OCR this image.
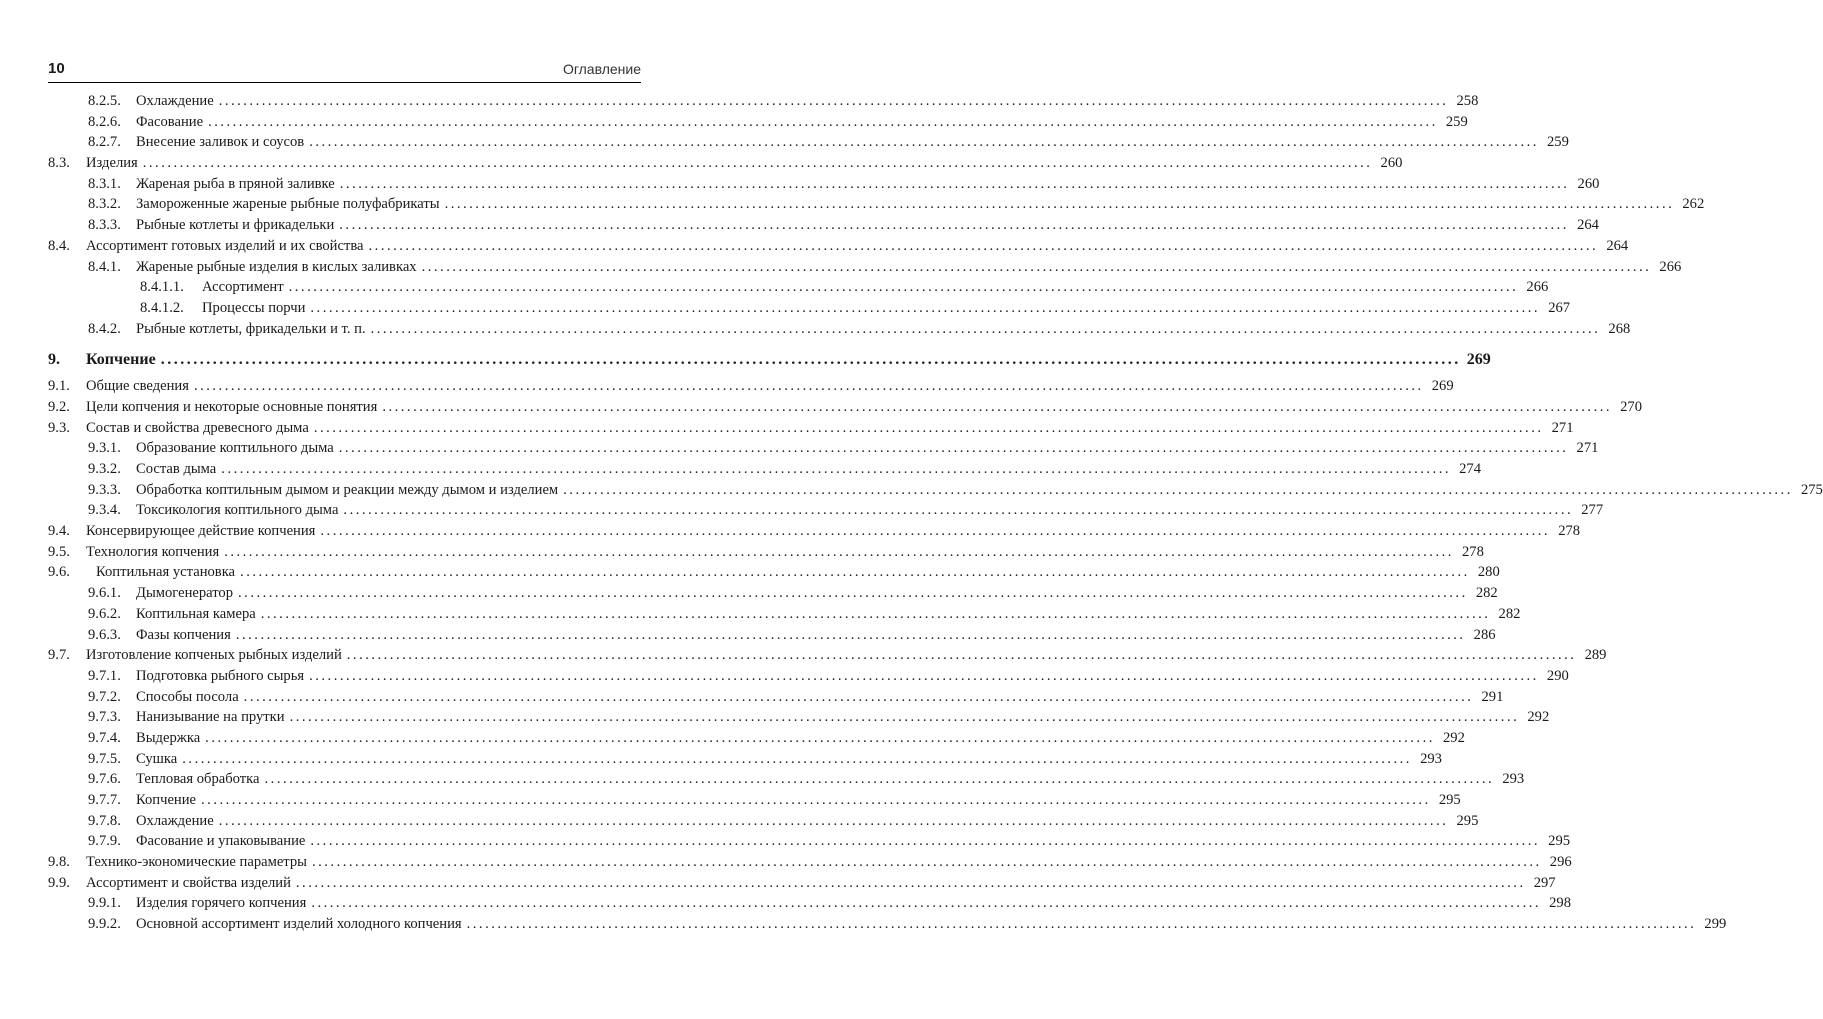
10	Оглавление
8.2.5. Охлаждение ........................................................................................................................................................................................................ 258
8.2.6. Фасование ........................................................................................................................................................................................................ 259
8.2.7. Внесение заливок и соусов ........................................................................................................................................................................................................ 259
8.3. Изделия ........................................................................................................................................................................................................ 260
8.3.1. Жареная рыба в пряной заливке ........................................................................................................................................................................................................ 260
8.3.2. Замороженные жареные рыбные полуфабрикаты ........................................................................................................................................................................................................ 262
8.3.3. Рыбные котлеты и фрикадельки ........................................................................................................................................................................................................ 264
8.4. Ассортимент готовых изделий и их свойства ........................................................................................................................................................................................................ 264
8.4.1. Жареные рыбные изделия в кислых заливках ........................................................................................................................................................................................................ 266
8.4.1.1. Ассортимент ........................................................................................................................................................................................................ 266
8.4.1.2. Процессы порчи ........................................................................................................................................................................................................ 267
8.4.2. Рыбные котлеты, фрикадельки и т. п. ........................................................................................................................................................................................................ 268
9. Копчение ........................................................................................................................................................................................................ 269
9.1. Общие сведения ........................................................................................................................................................................................................ 269
9.2. Цели копчения и некоторые основные понятия ........................................................................................................................................................................................................ 270
9.3. Состав и свойства древесного дыма ........................................................................................................................................................................................................ 271
9.3.1. Образование коптильного дыма ........................................................................................................................................................................................................ 271
9.3.2. Состав дыма ........................................................................................................................................................................................................ 274
9.3.3. Обработка коптильным дымом и реакции между дымом и изделием ........................................................................................................................................................................................................ 275
9.3.4. Токсикология коптильного дыма ........................................................................................................................................................................................................ 277
9.4. Консервирующее действие копчения ........................................................................................................................................................................................................ 278
9.5. Технология копчения ........................................................................................................................................................................................................ 278
9.6. Коптильная установка ........................................................................................................................................................................................................ 280
9.6.1. Дымогенератор ........................................................................................................................................................................................................ 282
9.6.2. Коптильная камера ........................................................................................................................................................................................................ 282
9.6.3. Фазы копчения ........................................................................................................................................................................................................ 286
9.7. Изготовление копченых рыбных изделий ........................................................................................................................................................................................................ 289
9.7.1. Подготовка рыбного сырья ........................................................................................................................................................................................................ 290
9.7.2. Способы посола ........................................................................................................................................................................................................ 291
9.7.3. Нанизывание на прутки ........................................................................................................................................................................................................ 292
9.7.4. Выдержка ........................................................................................................................................................................................................ 292
9.7.5. Сушка ........................................................................................................................................................................................................ 293
9.7.6. Тепловая обработка ........................................................................................................................................................................................................ 293
9.7.7. Копчение ........................................................................................................................................................................................................ 295
9.7.8. Охлаждение ........................................................................................................................................................................................................ 295
9.7.9. Фасование и упаковывание ........................................................................................................................................................................................................ 295
9.8. Технико-экономические параметры ........................................................................................................................................................................................................ 296
9.9. Ассортимент и свойства изделий ........................................................................................................................................................................................................ 297
9.9.1. Изделия горячего копчения ........................................................................................................................................................................................................ 298
9.9.2. Основной ассортимент изделий холодного копчения ........................................................................................................................................................................................................ 299
